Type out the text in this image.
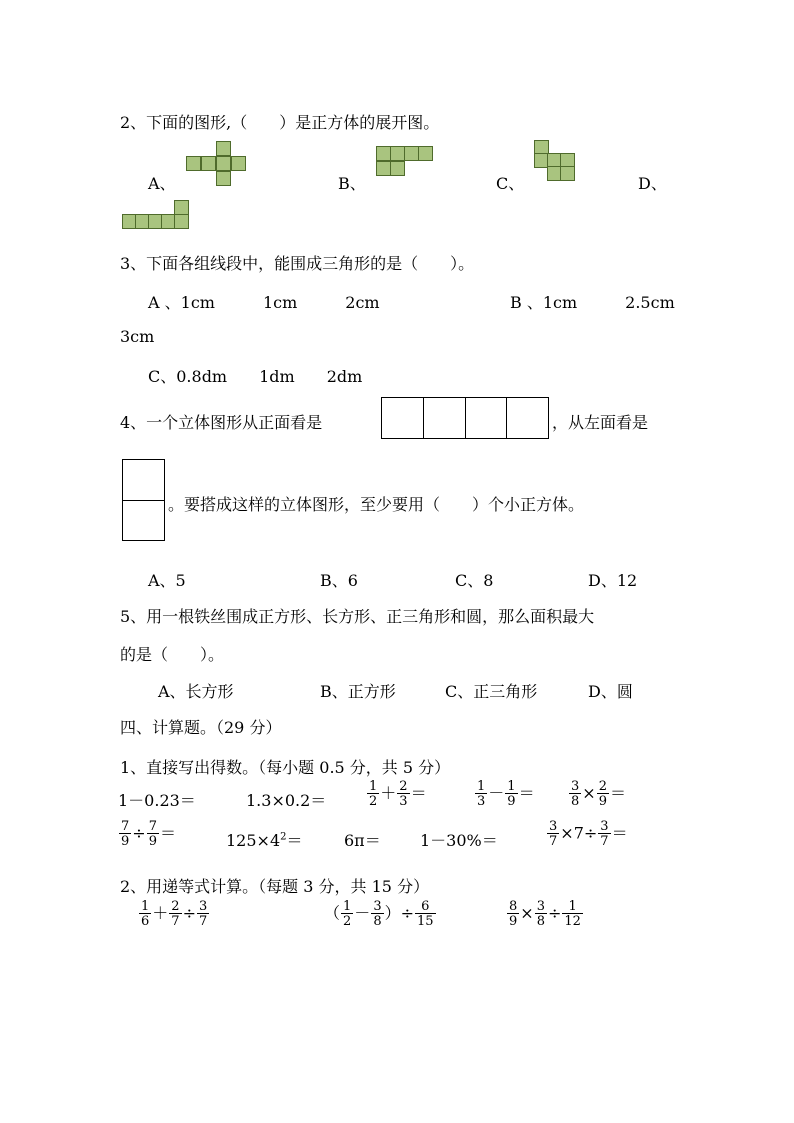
2、下面的图形,（　　）是正方体的展开图。
A、	B、	C、	D、
3、下面各组线段中，能围成三角形的是（　　）。
A 、1cm　　　1cm　　　2cm	B 、1cm　　　2.5cm
3cm
C、0.8dm　　1dm　　2dm
4、一个立体图形从正面看是	，从左面看是
。要搭成这样的立体图形，至少要用（　　）个小正方体。
A、5	B、6	C、8	D、12
5、用一根铁丝围成正方形、长方形、正三角形和圆，那么面积最大
的是（　　）。
A、长方形	B、正方形	C、正三角形	D、圆
四、计算题。（29 分）
1、直接写出得数。（每小题 0.5 分，共 5 分）
1－0.23＝	1.3×0.2＝	$\frac{1}{2} + \frac{2}{3}$ ＝	$\frac{1}{3} - \frac{1}{9}$ ＝	$\frac{3}{8} \times \frac{2}{9}$ ＝
$\frac{7}{9} \div \frac{7}{9}$ ＝	$125\times 4^2=$	6π＝ 1－30%＝	$\frac{3}{7} \times 7\div \frac{3}{7}$ ＝
2、用递等式计算。（每题 3 分，共 15 分）
$\frac{1}{6} + \frac{2}{7} \div \frac{3}{7}$	（ $\frac{1}{2} - \frac{3}{8}$ ）÷ $\frac{6}{15}$	$\frac{8}{9} \times \frac{3}{8} \div \frac{1}{12}$
